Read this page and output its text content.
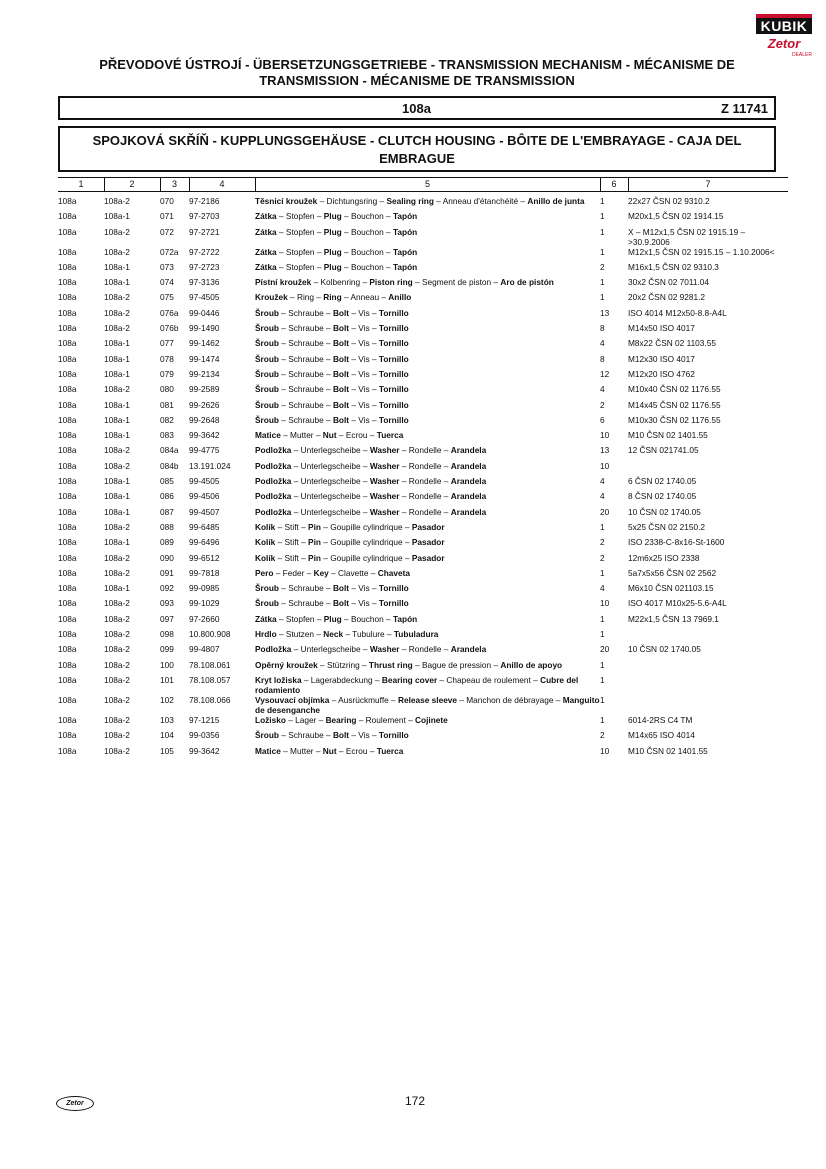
KUBIK
Zetor
DEALER
PŘEVODOVÉ ÚSTROJÍ - ÜBERSETZUNGSGETRIEBE - TRANSMISSION MECHANISM - MÉCANISME DE TRANSMISSION - MÉCANISME DE TRANSMISSION
108a	Z 11741
SPOJKOVÁ SKŘÍŇ - KUPPLUNGSGEHÄUSE - CLUTCH HOUSING - BÔITE DE L'EMBRAYAGE - CAJA DEL EMBRAGUE
1	2	3	4	5	6	7
108a	108a-2	070	97-2186	Těsnicí kroužek – Dichtungsring – Sealing ring – Anneau d'étanchéité – Anillo de junta	1	22x27 ČSN 02 9310.2
108a	108a-1	071	97-2703	Zátka – Stopfen – Plug – Bouchon – Tapón	1	M20x1,5 ČSN 02 1914.15
108a	108a-2	072	97-2721	Zátka – Stopfen – Plug – Bouchon – Tapón	1	X – M12x1,5 ČSN 02 1915.19 – >30.9.2006
108a	108a-2	072a	97-2722	Zátka – Stopfen – Plug – Bouchon – Tapón	1	M12x1,5 ČSN 02 1915.15 – 1.10.2006<
108a	108a-1	073	97-2723	Zátka – Stopfen – Plug – Bouchon – Tapón	2	M16x1,5 ČSN 02 9310.3
108a	108a-1	074	97-3136	Pístní kroužek – Kolbenring – Piston ring – Segment de piston – Aro de pistón	1	30x2 ČSN 02 7011.04
108a	108a-2	075	97-4505	Kroužek – Ring – Ring – Anneau – Anillo	1	20x2 ČSN 02 9281.2
108a	108a-2	076a	99-0446	Šroub – Schraube – Bolt – Vis – Tornillo	13	ISO 4014 M12x50-8.8-A4L
108a	108a-2	076b	99-1490	Šroub – Schraube – Bolt – Vis – Tornillo	8	M14x50 ISO 4017
108a	108a-1	077	99-1462	Šroub – Schraube – Bolt – Vis – Tornillo	4	M8x22 ČSN 02 1103.55
108a	108a-1	078	99-1474	Šroub – Schraube – Bolt – Vis – Tornillo	8	M12x30 ISO 4017
108a	108a-1	079	99-2134	Šroub – Schraube – Bolt – Vis – Tornillo	12	M12x20 ISO 4762
108a	108a-2	080	99-2589	Šroub – Schraube – Bolt – Vis – Tornillo	4	M10x40 ČSN 02 1176.55
108a	108a-1	081	99-2626	Šroub – Schraube – Bolt – Vis – Tornillo	2	M14x45 ČSN 02 1176.55
108a	108a-1	082	99-2648	Šroub – Schraube – Bolt – Vis – Tornillo	6	M10x30 ČSN 02 1176.55
108a	108a-1	083	99-3642	Matice – Mutter – Nut – Ecrou – Tuerca	10	M10 ČSN 02 1401.55
108a	108a-2	084a	99-4775	Podložka – Unterlegscheibe – Washer – Rondelle – Arandela	13	12 ČSN 021741.05
108a	108a-2	084b	13.191.024	Podložka – Unterlegscheibe – Washer – Rondelle – Arandela	10	
108a	108a-1	085	99-4505	Podložka – Unterlegscheibe – Washer – Rondelle – Arandela	4	6 ČSN 02 1740.05
108a	108a-1	086	99-4506	Podložka – Unterlegscheibe – Washer – Rondelle – Arandela	4	8 ČSN 02 1740.05
108a	108a-1	087	99-4507	Podložka – Unterlegscheibe – Washer – Rondelle – Arandela	20	10 ČSN 02 1740.05
108a	108a-2	088	99-6485	Kolík – Stift – Pin – Goupille cylindrique – Pasador	1	5x25 ČSN 02 2150.2
108a	108a-1	089	99-6496	Kolík – Stift – Pin – Goupille cylindrique – Pasador	2	ISO 2338-C-8x16-St-1600
108a	108a-2	090	99-6512	Kolík – Stift – Pin – Goupille cylindrique – Pasador	2	12m6x25 ISO 2338
108a	108a-2	091	99-7818	Pero – Feder – Key – Clavette – Chaveta	1	5a7x5x56 ČSN 02 2562
108a	108a-1	092	99-0985	Šroub – Schraube – Bolt – Vis – Tornillo	4	M6x10 ČSN 021103.15
108a	108a-2	093	99-1029	Šroub – Schraube – Bolt – Vis – Tornillo	10	ISO 4017 M10x25-5.6-A4L
108a	108a-2	097	97-2660	Zátka – Stopfen – Plug – Bouchon – Tapón	1	M22x1,5 ČSN 13 7969.1
108a	108a-2	098	10.800.908	Hrdlo – Stutzen – Neck – Tubulure – Tubuladura	1	
108a	108a-2	099	99-4807	Podložka – Unterlegscheibe – Washer – Rondelle – Arandela	20	10 ČSN 02 1740.05
108a	108a-2	100	78.108.061	Opěrný kroužek – Stützring – Thrust ring – Bague de pression – Anillo de apoyo	1	
108a	108a-2	101	78.108.057	Kryt ložiska – Lagerabdeckung – Bearing cover – Chapeau de roulement – Cubre del rodamiento	1	
108a	108a-2	102	78.108.066	Vysouvací objímka – Ausrückmuffe – Release sleeve – Manchon de débrayage – Manguito de desenganche	1	
108a	108a-2	103	97-1215	Ložisko – Lager – Bearing – Roulement – Cojinete	1	6014-2RS C4 TM
108a	108a-2	104	99-0356	Šroub – Schraube – Bolt – Vis – Tornillo	2	M14x65 ISO 4014
108a	108a-2	105	99-3642	Matice – Mutter – Nut – Ecrou – Tuerca	10	M10 ČSN 02 1401.55
Zetor	172
